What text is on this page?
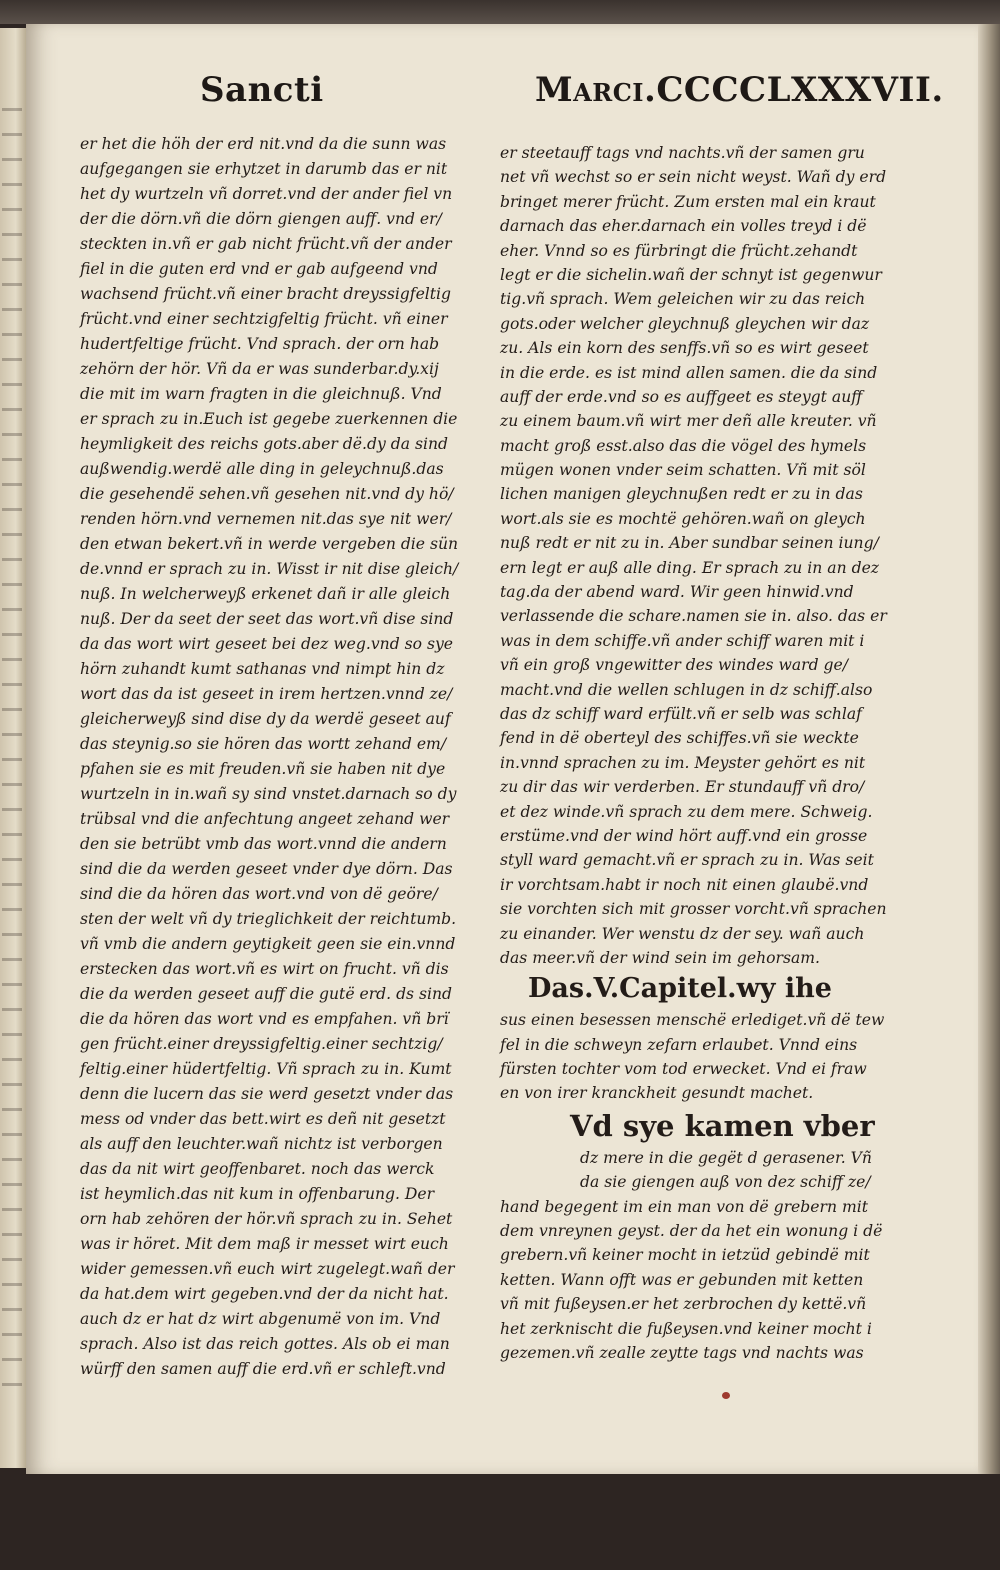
Sancti	Marci.CCCCLXXXVII.
er het die höh der erd nit.vnd da die sunn was
aufgegangen sie erhytzet in darumb das er nit
het dy wurtzeln vñ dorret.vnd der ander fiel vn
der die dörn.vñ die dörn giengen auff. vnd er/
steckten in.vñ er gab nicht frücht.vñ der ander
fiel in die guten erd vnd er gab aufgeend vnd
wachsend frücht.vñ einer bracht dreyssigfeltig
frücht.vnd einer sechtzigfeltig frücht. vñ einer
hudertfeltige frücht. Vnd sprach. der orn hab
zehörn der hör. Vñ da er was sunderbar.dy.xij
die mit im warn fragten in die gleichnuß. Vnd
er sprach zu in.Euch ist gegebe zuerkennen die
heymligkeit des reichs gots.aber dë.dy da sind
außwendig.werdë alle ding in geleychnuß.das
die gesehendë sehen.vñ gesehen nit.vnd dy hö/
renden hörn.vnd vernemen nit.das sye nit wer/
den etwan bekert.vñ in werde vergeben die sün
de.vnnd er sprach zu in. Wisst ir nit dise gleich/
nuß. In welcherweyß erkenet dañ ir alle gleich
nuß. Der da seet der seet das wort.vñ dise sind
da das wort wirt geseet bei dez weg.vnd so sye
hörn zuhandt kumt sathanas vnd nimpt hin dz
wort das da ist geseet in irem hertzen.vnnd ze/
gleicherweyß sind dise dy da werdë geseet auf
das steynig.so sie hören das wortt zehand em/
pfahen sie es mit freuden.vñ sie haben nit dye
wurtzeln in in.wañ sy sind vnstet.darnach so dy
trübsal vnd die anfechtung angeet zehand wer
den sie betrübt vmb das wort.vnnd die andern
sind die da werden geseet vnder dye dörn. Das
sind die da hören das wort.vnd von dë geöre/
sten der welt vñ dy trieglichkeit der reichtumb.
vñ vmb die andern geytigkeit geen sie ein.vnnd
erstecken das wort.vñ es wirt on frucht. vñ dis
die da werden geseet auff die gutë erd. ds sind
die da hören das wort vnd es empfahen. vñ brï
gen frücht.einer dreyssigfeltig.einer sechtzig/
feltig.einer hüdertfeltig. Vñ sprach zu in. Kumt
denn die lucern das sie werd gesetzt vnder das
mess od vnder das bett.wirt es deñ nit gesetzt
als auff den leuchter.wañ nichtz ist verborgen
das da nit wirt geoffenbaret. noch das werck
ist heymlich.das nit kum in offenbarung. Der
orn hab zehören der hör.vñ sprach zu in. Sehet
was ir höret. Mit dem maß ir messet wirt euch
wider gemessen.vñ euch wirt zugelegt.wañ der
da hat.dem wirt gegeben.vnd der da nicht hat.
auch dz er hat dz wirt abgenumë von im. Vnd
sprach. Also ist das reich gottes. Als ob ei man
würff den samen auff die erd.vñ er schleft.vnd
er steetauff tags vnd nachts.vñ der samen gru
net vñ wechst so er sein nicht weyst. Wañ dy erd
bringet merer frücht. Zum ersten mal ein kraut
darnach das eher.darnach ein volles treyd i dë
eher. Vnnd so es fürbringt die frücht.zehandt
legt er die sichelin.wañ der schnyt ist gegenwur
tig.vñ sprach. Wem geleichen wir zu das reich
gots.oder welcher gleychnuß gleychen wir daz
zu. Als ein korn des senffs.vñ so es wirt geseet
in die erde. es ist mind allen samen. die da sind
auff der erde.vnd so es auffgeet es steygt auff
zu einem baum.vñ wirt mer deñ alle kreuter. vñ
macht groß esst.also das die vögel des hymels
mügen wonen vnder seim schatten. Vñ mit söl
lichen manigen gleychnußen redt er zu in das
wort.als sie es mochtë gehören.wañ on gleych
nuß redt er nit zu in. Aber sundbar seinen iung/
ern legt er auß alle ding. Er sprach zu in an dez
tag.da der abend ward. Wir geen hinwid.vnd
verlassende die schare.namen sie in. also. das er
was in dem schiffe.vñ ander schiff waren mit i
vñ ein groß vngewitter des windes ward ge/
macht.vnd die wellen schlugen in dz schiff.also
das dz schiff ward erfült.vñ er selb was schlaf
fend in dë oberteyl des schiffes.vñ sie weckte
in.vnnd sprachen zu im. Meyster gehört es nit
zu dir das wir verderben. Er stundauff vñ dro/
et dez winde.vñ sprach zu dem mere. Schweig.
erstüme.vnd der wind hört auff.vnd ein grosse
styll ward gemacht.vñ er sprach zu in. Was seit
ir vorchtsam.habt ir noch nit einen glaubë.vnd
sie vorchten sich mit grosser vorcht.vñ sprachen
zu einander. Wer wenstu dz der sey. wañ auch
das meer.vñ der wind sein im gehorsam.
Das.V.Capitel.wy ihe
sus einen besessen menschë erlediget.vñ dë tew
fel in die schweyn zefarn erlaubet. Vnnd eins
fürsten tochter vom tod erwecket. Vnd ei fraw
en von irer kranckheit gesundt machet.
Vd sye kamen vber
dz mere in die gegët d gerasener. Vñ
da sie giengen auß von dez schiff ze/
hand begegent im ein man von dë grebern mit
dem vnreynen geyst. der da het ein wonung i dë
grebern.vñ keiner mocht in ietzüd gebindë mit
ketten. Wann offt was er gebunden mit ketten
vñ mit fußeysen.er het zerbrochen dy kettë.vñ
het zerknischt die fußeysen.vnd keiner mocht i
gezemen.vñ zealle zeytte tags vnd nachts was
